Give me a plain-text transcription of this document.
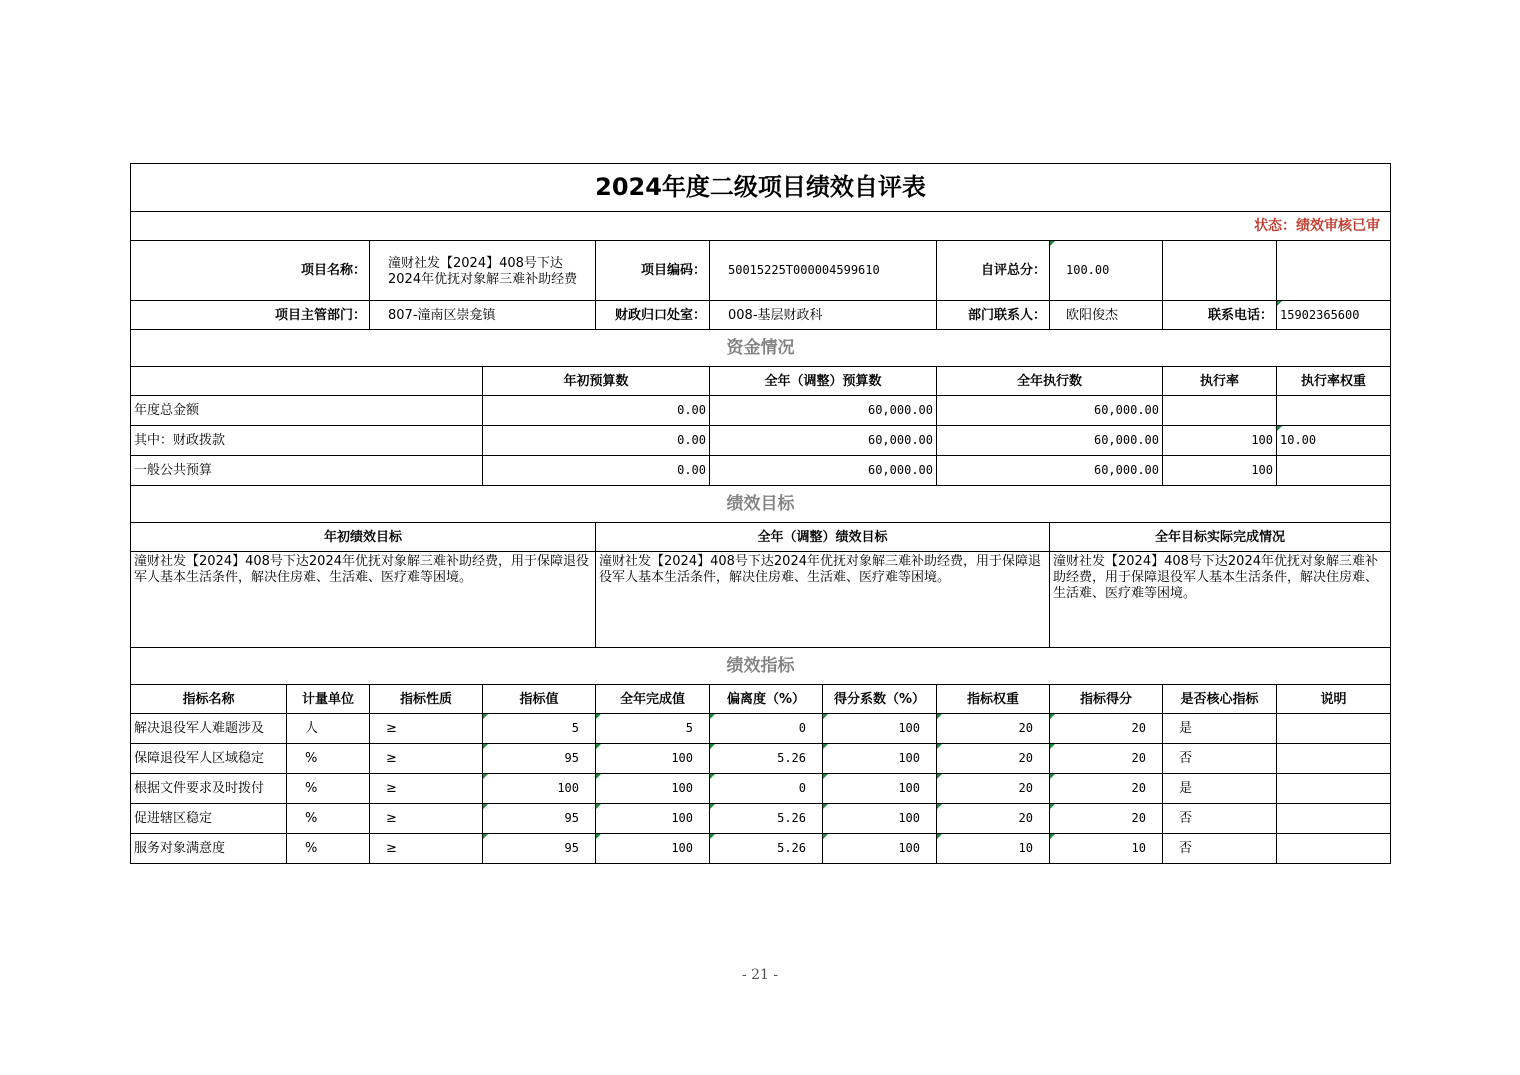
2024年度二级项目绩效自评表											
状态：绩效审核已审											
项目名称：		潼财社发【2024】408号下达2024年优抚对象解三难补助经费		项目编码：	50015225T000004599610		自评总分：	100.00			
项目主管部门：		807-潼南区崇龛镇		财政归口处室：	008-基层财政科		部门联系人：	欧阳俊杰	联系电话：	15902365600	
资金情况											
			年初预算数		全年（调整）预算数		全年执行数		执行率	执行率权重	
年度总金额			0.00		60,000.00		60,000.00				
其中：财政拨款			0.00		60,000.00		60,000.00		100	10.00	
一般公共预算			0.00		60,000.00		60,000.00		100		
绩效目标											
年初绩效目标				全年（调整）绩效目标				全年目标实际完成情况			
潼财社发【2024】408号下达2024年优抚对象解三难补助经费，用于保障退役军人基本生活条件，解决住房难、生活难、医疗难等困境。				潼财社发【2024】408号下达2024年优抚对象解三难补助经费，用于保障退役军人基本生活条件，解决住房难、生活难、医疗难等困境。				潼财社发【2024】408号下达2024年优抚对象解三难补助经费，用于保障退役军人基本生活条件，解决住房难、生活难、医疗难等困境。			
绩效指标											
指标名称	计量单位	指标性质	指标值	全年完成值	偏离度（%）	得分系数（%）	指标权重	指标得分	是否核心指标	说明	
解决退役军人难题涉及	人	≥	5	5	0	100	20	20	是		
保障退役军人区域稳定	%	≥	95	100	5.26	100	20	20	否		
根据文件要求及时拨付	%	≥	100	100	0	100	20	20	是		
促进辖区稳定	%	≥	95	100	5.26	100	20	20	否		
服务对象满意度	%	≥	95	100	5.26	100	10	10	否		
- 21 -
